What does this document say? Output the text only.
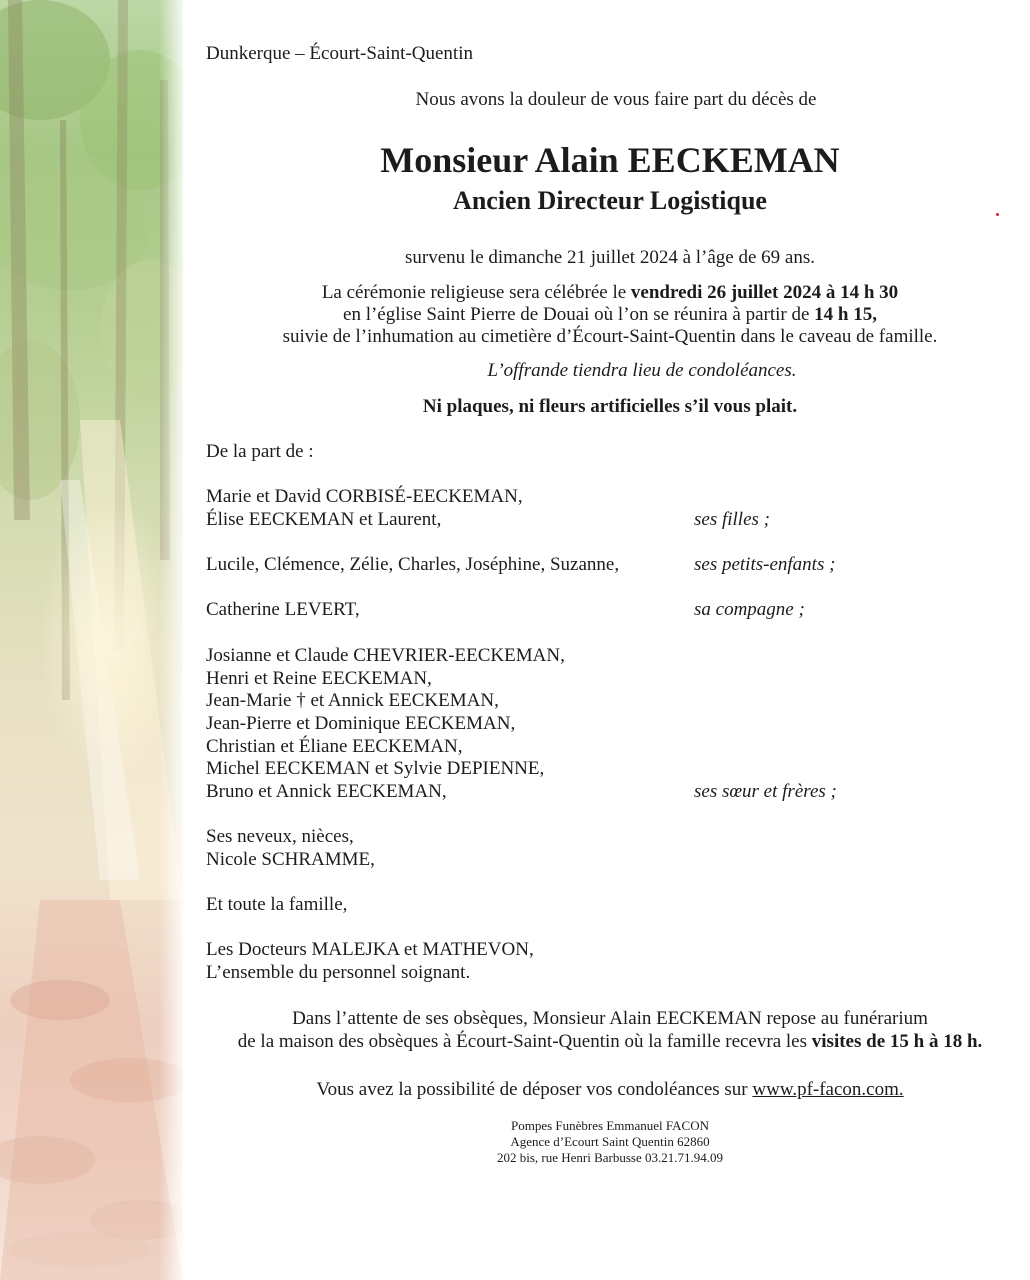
Dunkerque – Écourt-Saint-Quentin
Nous avons la douleur de vous faire part du décès de
Monsieur Alain EECKEMAN
Ancien Directeur Logistique
survenu le dimanche 21 juillet 2024 à l’âge de 69 ans.
La cérémonie religieuse sera célébrée le vendredi 26 juillet 2024 à 14 h 30
en l’église Saint Pierre de Douai où l’on se réunira à partir de 14 h 15,
suivie de l’inhumation au cimetière d’Écourt-Saint-Quentin dans le caveau de famille.
L’offrande tiendra lieu de condoléances.
Ni plaques, ni fleurs artificielles s’il vous plait.
De la part de :
Marie et David CORBISÉ-EECKEMAN,
Élise EECKEMAN et Laurent,	ses filles ;
Lucile, Clémence, Zélie, Charles, Joséphine, Suzanne,	ses petits-enfants ;
Catherine LEVERT,	sa compagne ;
Josianne et Claude CHEVRIER-EECKEMAN,
Henri et Reine EECKEMAN,
Jean-Marie † et Annick EECKEMAN,
Jean-Pierre et Dominique EECKEMAN,
Christian et Éliane EECKEMAN,
Michel EECKEMAN et Sylvie DEPIENNE,
Bruno et Annick EECKEMAN,	ses sœur et frères ;
Ses neveux, nièces,
Nicole SCHRAMME,
Et toute la famille,
Les Docteurs MALEJKA et MATHEVON,
L’ensemble du personnel soignant.
Dans l’attente de ses obsèques, Monsieur Alain EECKEMAN repose au funérarium
de la maison des obsèques à Écourt-Saint-Quentin où la famille recevra les visites de 15 h à 18 h.
Vous avez la possibilité de déposer vos condoléances sur www.pf-facon.com.
Pompes Funèbres Emmanuel FACON
Agence d’Ecourt Saint Quentin 62860
202 bis, rue Henri Barbusse 03.21.71.94.09
